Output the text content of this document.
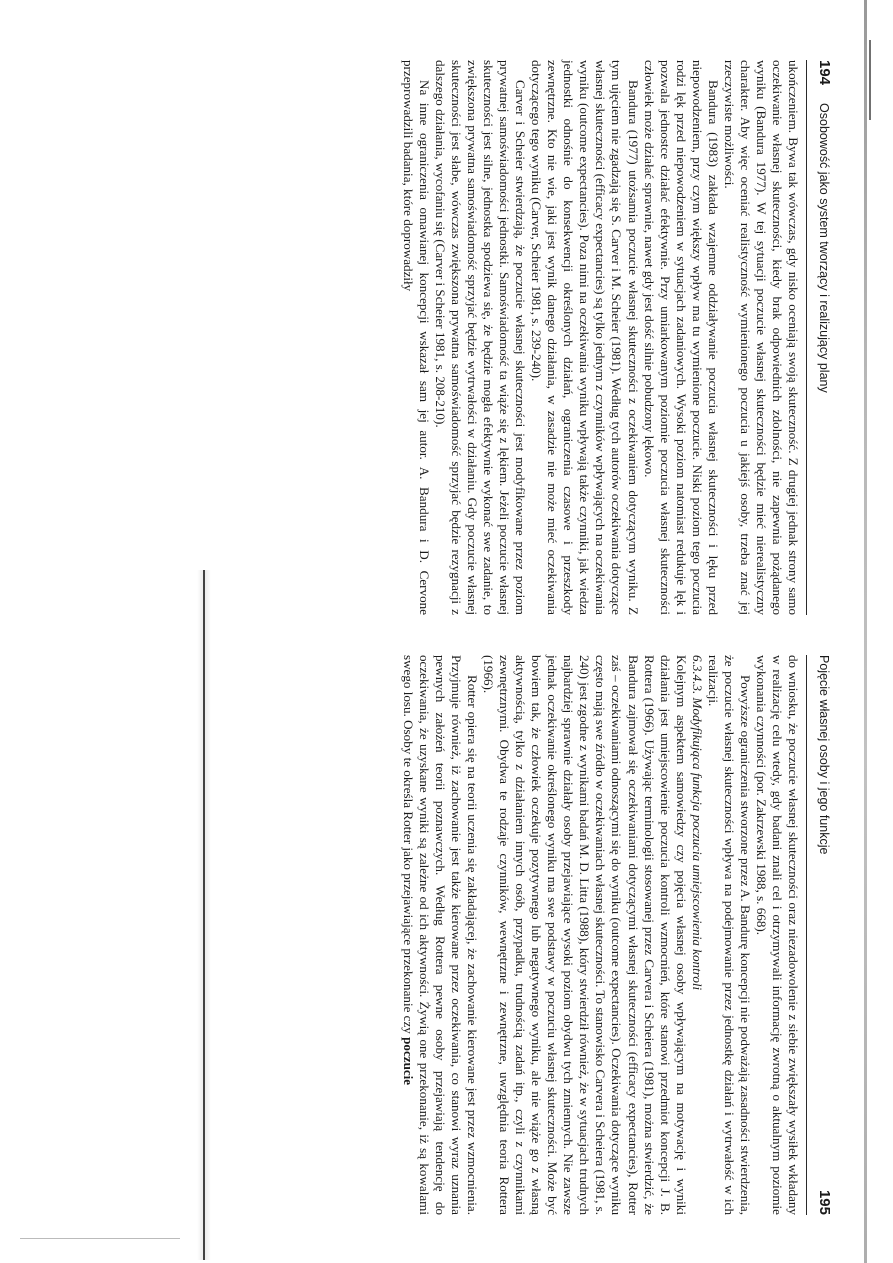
194
Osobowość jako system tworzący i realizujący plany

ukończeniem. Bywa tak wówczas, gdy nisko oceniają swoją skuteczność. Z drugiej jednak strony samo oczekiwanie własnej skuteczności, kiedy brak odpowiednich zdolności, nie zapewnia pożądanego wyniku (Bandura 1977). W tej sytuacji poczucie własnej skuteczności będzie mieć nierealistyczny charakter. Aby więc oceniać realistyczność wymienionego poczucia u jakiejś osoby, trzeba znać jej rzeczywiste możliwości.

Bandura (1983) zakłada wzajemne oddziaływanie poczucia własnej skuteczności i lęku przed niepowodzeniem, przy czym większy wpływ ma tu wymienione poczucie. Niski poziom tego poczucia rodzi lęk przed niepowodzeniem w sytuacjach zadaniowych. Wysoki poziom natomiast redukuje lęk i pozwala jednostce działać efektywnie. Przy umiarkowanym poziomie poczucia własnej skuteczności człowiek może działać sprawnie, nawet gdy jest dość silnie pobudzony lękowo.

Bandura (1977) utożsamia poczucie własnej skuteczności z oczekiwaniem dotyczącym wyniku. Z tym ujęciem nie zgadzają się S. Carver i M. Scheier (1981). Według tych autorów oczekiwania dotyczące własnej skuteczności (efficacy expectancies) są tylko jednym z czynników wpływających na oczekiwania wyniku (outcome expectancies). Poza nimi na oczekiwania wyniku wpływają także czynniki, jak wiedza jednostki odnośnie do konsekwencji określonych działań, ograniczenia czasowe i przeszkody zewnętrzne. Kto nie wie, jaki jest wynik danego działania, w zasadzie nie może mieć oczekiwania dotyczącego tego wyniku (Carver, Scheier 1981, s. 239-240).

Carver i Scheier stwierdzają, że poczucie własnej skuteczności jest modyfikowane przez poziom prywatnej samoświadomości jednostki. Samoświadomość ta wiąże się z lękiem. Jeżeli poczucie własnej skuteczności jest silne, jednostka spodziewa się, że będzie mogła efektywnie wykonać swe zadanie, to zwiększona prywatna samoświadomość sprzyjać będzie wytrwałości w działaniu. Gdy poczucie własnej skuteczności jest słabe, wówczas zwiększona prywatna samoświadomość sprzyjać będzie rezygnacji z dalszego działania, wycofaniu się (Carver i Scheier 1981, s. 208-210).

Na inne ograniczenia omawianej koncepcji wskazał sam jej autor. A. Bandura i D. Cervone przeprowadzili badania, które doprowadziły

Pojęcie własnej osoby i jego funkcje
195

do wniosku, że poczucie własnej skuteczności oraz niezadowolenie z siebie zwiększały wysiłek wkładany w realizację celu wtedy, gdy badani znali cel i otrzymywali informację zwrotną o aktualnym poziomie wykonania czynności (por. Zakrzewski 1988, s. 668).

Powyższe ograniczenia stworzone przez A. Bandurę koncepcji nie podważają zasadności stwierdzenia, że poczucie własnej skuteczności wpływa na podejmowanie przez jednostkę działań i wytrwałość w ich realizacji.

6.3.4.3. Modyfikująca funkcja poczucia umiejscowienia kontroli

Kolejnym aspektem samowiedzy czy pojęcia własnej osoby wpływającym na motywację i wyniki działania jest umiejscowienie poczucia kontroli wzmocnień, które stanowi przedmiot koncepcji J. B. Rottera (1966). Używając terminologii stosowanej przez Carvera i Scheiera (1981), można stwierdzić, że Bandura zajmował się oczekiwaniami dotyczącymi własnej skuteczności (efficacy expectancies), Rotter zaś – oczekiwaniami odnoszącymi się do wyniku (outcome expectancies). Oczekiwania dotyczące wyniku często mają swe źródło w oczekiwaniach własnej skuteczności. To stanowisko Carvera i Scheiera (1981, s. 240) jest zgodne z wynikami badań M. D. Litta (1988), który stwierdził również, że w sytuacjach trudnych najbardziej sprawnie działały osoby przejawiające wysoki poziom obydwu tych zmiennych. Nie zawsze jednak oczekiwanie określonego wyniku ma swe podstawy w poczuciu własnej skuteczności. Może być bowiem tak, że człowiek oczekuje pozytywnego lub negatywnego wyniku, ale nie wiąże go z własną aktywnością, tylko z działaniem innych osób, przypadku, trudnością zadań itp., czyli z czynnikami zewnętrznymi. Obydwa te rodzaje czynników, wewnętrzne i zewnętrzne, uwzględnia teoria Rottera (1966).

Rotter opiera się na teorii uczenia się zakładającej, że zachowanie kierowane jest przez wzmocnienia. Przyjmuje również, iż zachowanie jest także kierowane przez oczekiwania, co stanowi wyraz uznania pewnych założeń teorii poznawczych. Według Rottera pewne osoby przejawiają tendencję do oczekiwania, że uzyskane wyniki są zależne od ich aktywności. Żywią one przekonanie, iż są kowalami swego losu. Osoby te określa Rotter jako przejawiające przekonanie czy poczucie
